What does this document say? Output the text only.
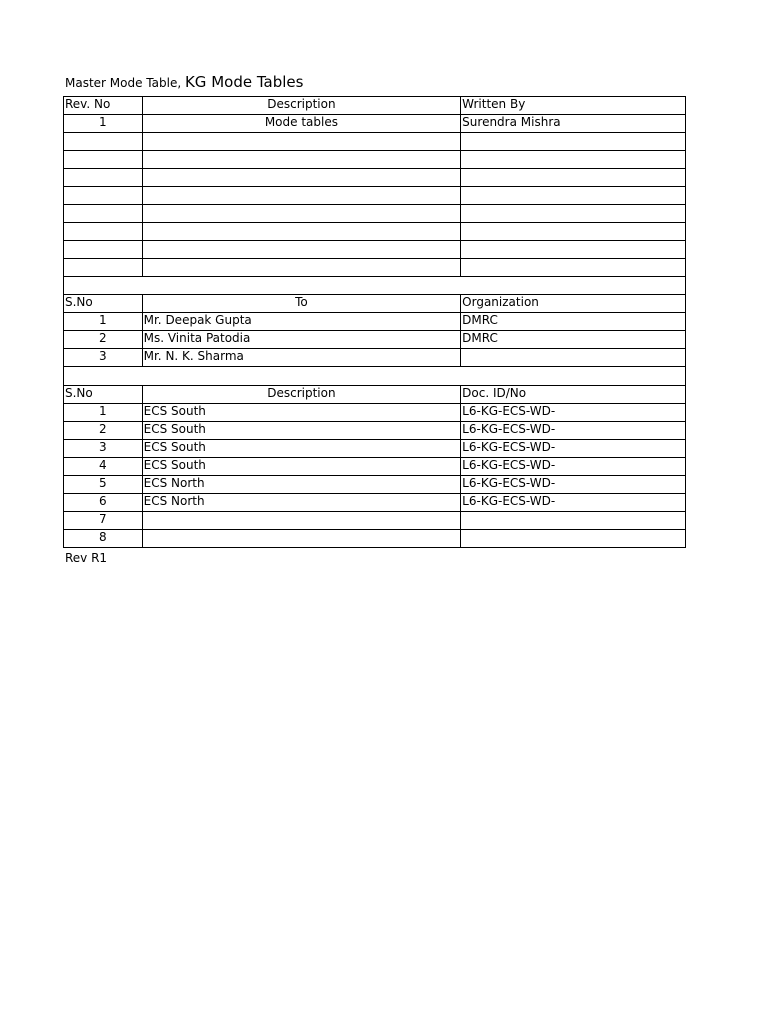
Master Mode Table, KG Mode Tables
Rev. No	Description	Written By
1	Mode tables	Surendra Mishra

S.No	To	Organization
1	Mr. Deepak Gupta	DMRC
2	Ms. Vinita Patodia	DMRC
3	Mr. N. K. Sharma	
S.No	Description	Doc. ID/No
1	ECS South	L6-KG-ECS-WD-
2	ECS South	L6-KG-ECS-WD-
3	ECS South	L6-KG-ECS-WD-
4	ECS South	L6-KG-ECS-WD-
5	ECS North	L6-KG-ECS-WD-
6	ECS North	L6-KG-ECS-WD-
7		
8		
Rev R1
